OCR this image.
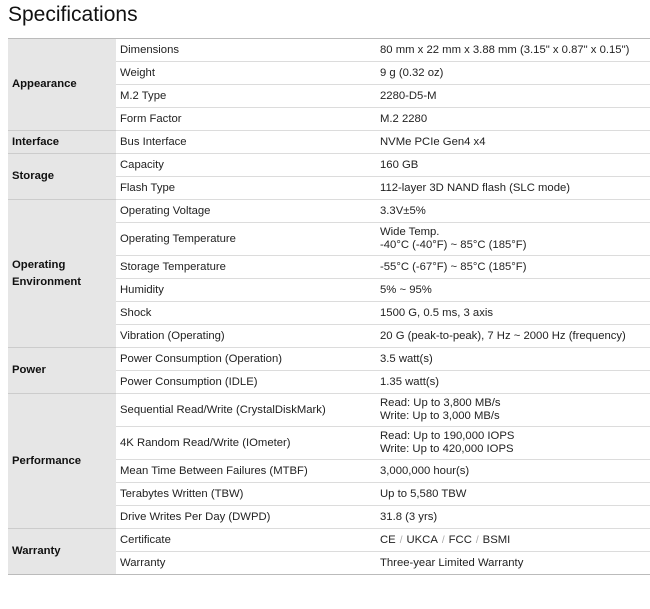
Specifications
Appearance	Dimensions	80 mm x 22 mm x 3.88 mm (3.15" x 0.87" x 0.15")
	Weight	9 g (0.32 oz)
	M.2 Type	2280-D5-M
	Form Factor	M.2 2280
Interface	Bus Interface	NVMe PCIe Gen4 x4
Storage	Capacity	160 GB
	Flash Type	112-layer 3D NAND flash (SLC mode)
Operating Environment	Operating Voltage	3.3V±5%
	Operating Temperature	Wide Temp.
-40°C (-40°F) ~ 85°C (185°F)

	Storage Temperature	-55°C (-67°F) ~ 85°C (185°F)
	Humidity	5% ~ 95%
	Shock	1500 G, 0.5 ms, 3 axis
	Vibration (Operating)	20 G (peak-to-peak), 7 Hz ~ 2000 Hz (frequency)
Power	Power Consumption (Operation)	3.5 watt(s)
	Power Consumption (IDLE)	1.35 watt(s)
Performance	Sequential Read/Write (CrystalDiskMark)	Read: Up to 3,800 MB/s
Write: Up to 3,000 MB/s

	4K Random Read/Write (IOmeter)	Read: Up to 190,000 IOPS
Write: Up to 420,000 IOPS

	Mean Time Between Failures (MTBF)	3,000,000 hour(s)
	Terabytes Written (TBW)	Up to 5,580 TBW
	Drive Writes Per Day (DWPD)	31.8 (3 yrs)
Warranty	Certificate	CE / UKCA / FCC / BSMI
	Warranty	Three-year Limited Warranty
